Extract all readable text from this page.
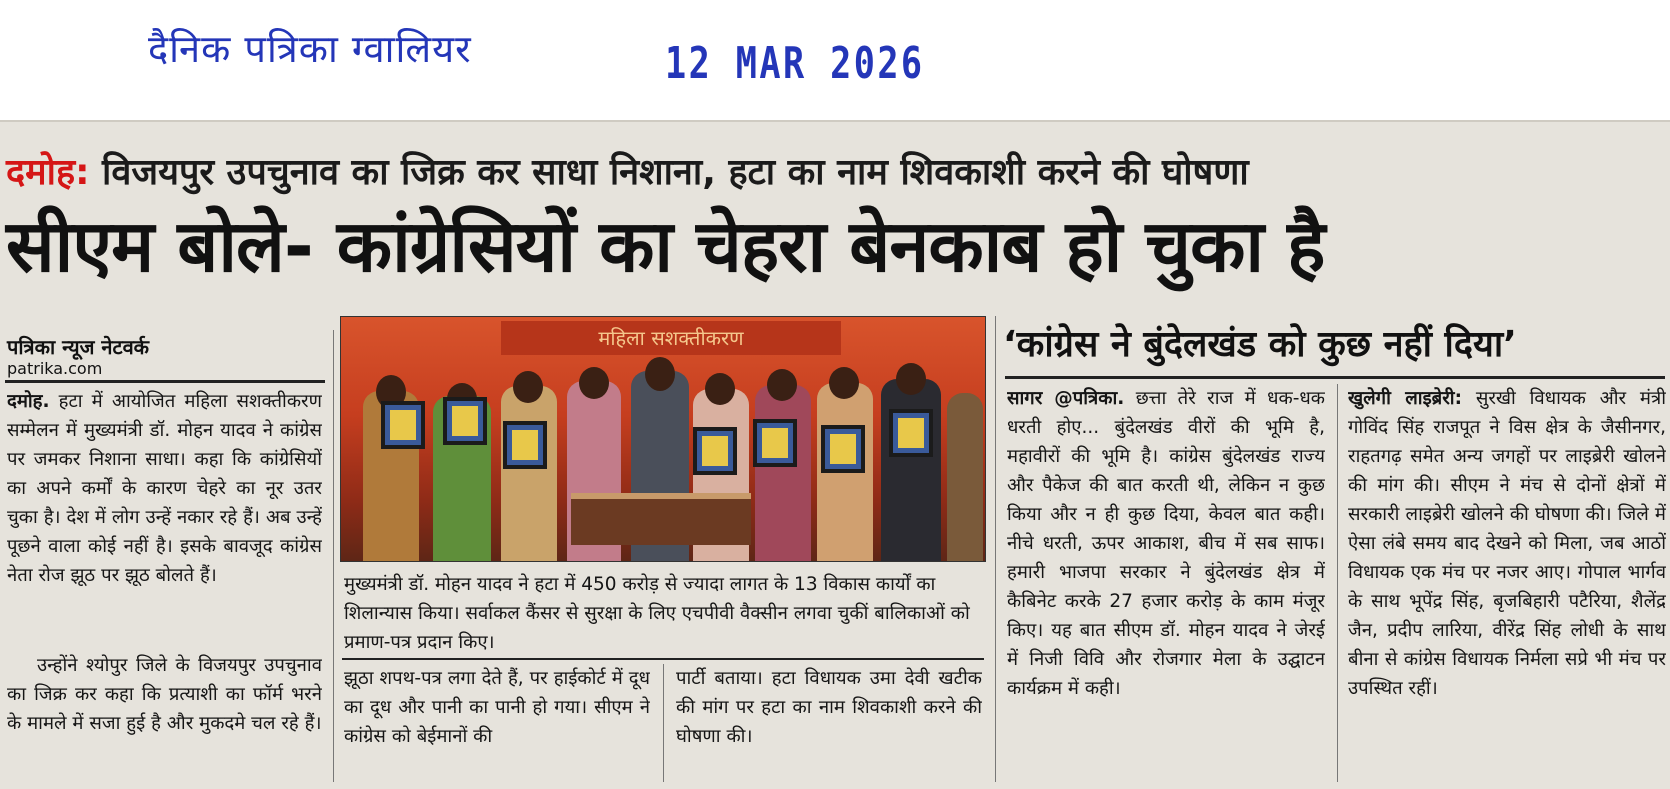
दैनिक पत्रिका ग्वालियर	12 MAR 2026
दमोह: विजयपुर उपचुनाव का जिक्र कर साधा निशाना, हटा का नाम शिवकाशी करने की घोषणा
सीएम बोले- कांग्रेसियों का चेहरा बेनकाब हो चुका है
पत्रिका न्यूज नेटवर्क
patrika.com
दमोह. हटा में आयोजित महिला सशक्तीकरण सम्मेलन में मुख्यमंत्री डॉ. मोहन यादव ने कांग्रेस पर जमकर निशाना साधा। कहा कि कांग्रेसियों का अपने कर्मों के कारण चेहरे का नूर उतर चुका है। देश में लोग उन्हें नकार रहे हैं। अब उन्हें पूछने वाला कोई नहीं है। इसके बावजूद कांग्रेस नेता रोज झूठ पर झूठ बोलते हैं।
उन्होंने श्योपुर जिले के विजयपुर उपचुनाव का जिक्र कर कहा कि प्रत्याशी का फॉर्म भरने के मामले में सजा हुई है और मुकदमे चल रहे हैं।
महिला सशक्तीकरण
मुख्यमंत्री डॉ. मोहन यादव ने हटा में 450 करोड़ से ज्यादा लागत के 13 विकास कार्यों का शिलान्यास किया। सर्वाकल कैंसर से सुरक्षा के लिए एचपीवी वैक्सीन लगवा चुकीं बालिकाओं को प्रमाण-पत्र प्रदान किए।
झूठा शपथ-पत्र लगा देते हैं, पर हाईकोर्ट में दूध का दूध और पानी का पानी हो गया। सीएम ने कांग्रेस को बेईमानों की
पार्टी बताया। हटा विधायक उमा देवी खटीक की मांग पर हटा का नाम शिवकाशी करने की घोषणा की।
‘कांग्रेस ने बुंदेलखंड को कुछ नहीं दिया’
सागर @पत्रिका. छत्ता तेरे राज में धक-धक धरती होए... बुंदेलखंड वीरों की भूमि है, महावीरों की भूमि है। कांग्रेस बुंदेलखंड राज्य और पैकेज की बात करती थी, लेकिन न कुछ किया और न ही कुछ दिया, केवल बात कही। नीचे धरती, ऊपर आकाश, बीच में सब साफ। हमारी भाजपा सरकार ने बुंदेलखंड क्षेत्र में कैबिनेट करके 27 हजार करोड़ के काम मंजूर किए। यह बात सीएम डॉ. मोहन यादव ने जेरई में निजी विवि और रोजगार मेला के उद्घाटन कार्यक्रम में कही।
खुलेगी लाइब्रेरी: सुरखी विधायक और मंत्री गोविंद सिंह राजपूत ने विस क्षेत्र के जैसीनगर, राहतगढ़ समेत अन्य जगहों पर लाइब्रेरी खोलने की मांग की। सीएम ने मंच से दोनों क्षेत्रों में सरकारी लाइब्रेरी खोलने की घोषणा की। जिले में ऐसा लंबे समय बाद देखने को मिला, जब आठों विधायक एक मंच पर नजर आए। गोपाल भार्गव के साथ भूपेंद्र सिंह, बृजबिहारी पटैरिया, शैलेंद्र जैन, प्रदीप लारिया, वीरेंद्र सिंह लोधी के साथ बीना से कांग्रेस विधायक निर्मला सप्रे भी मंच पर उपस्थित रहीं।
